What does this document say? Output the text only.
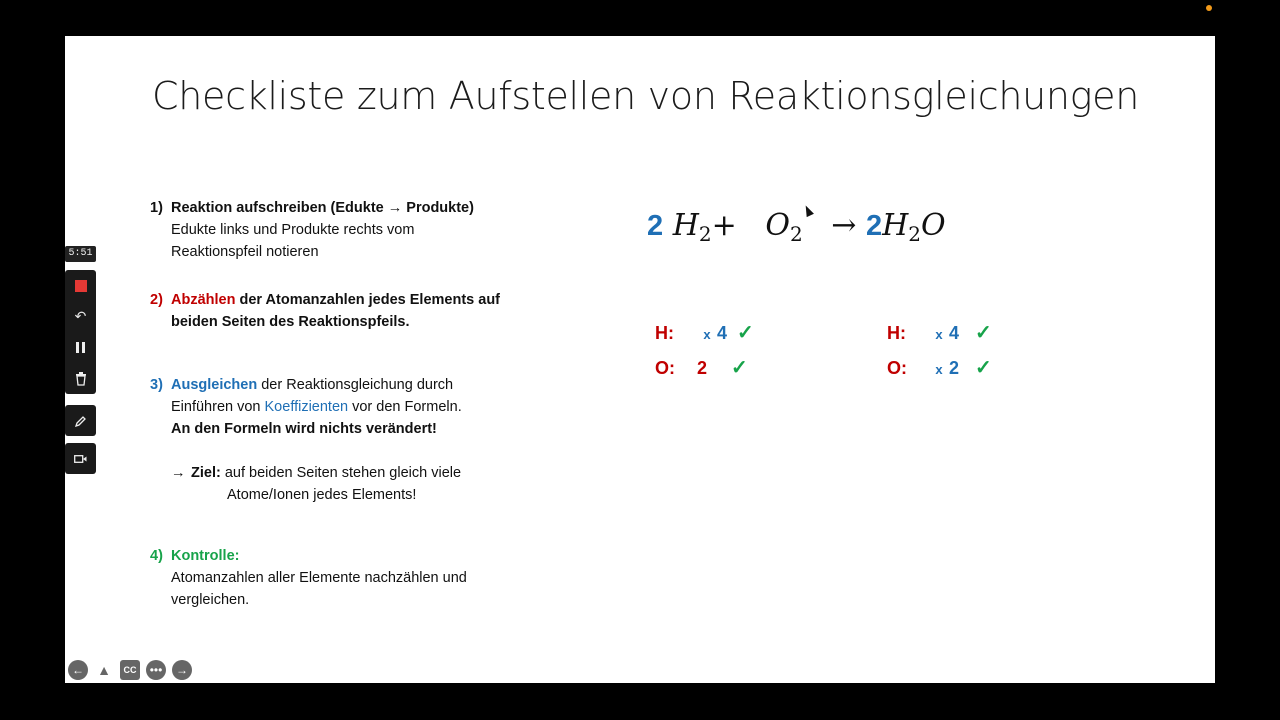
Checkliste zum Aufstellen von Reaktionsgleichungen
1) Reaktion aufschreiben (Edukte → Produkte)
Edukte links und Produkte rechts vom
Reaktionspfeil notieren
2) Abzählen der Atomanzahlen jedes Elements auf
beiden Seiten des Reaktionspfeils.
3) Ausgleichen der Reaktionsgleichung durch
Einführen von Koeffizienten vor den Formeln.
An den Formeln wird nichts verändert!
→ Ziel: auf beiden Seiten stehen gleich viele
Atome/Ionen jedes Elements!
4) Kontrolle:
Atomanzahlen aller Elemente nachzählen und
vergleichen.
2 $H_2+ O_2 \to 2H_2O$
H: x 4 ✓
O: 2 ✓
H: x 4 ✓
O: x 2 ✓
5:51
↶
← ▲ CC ••• →
